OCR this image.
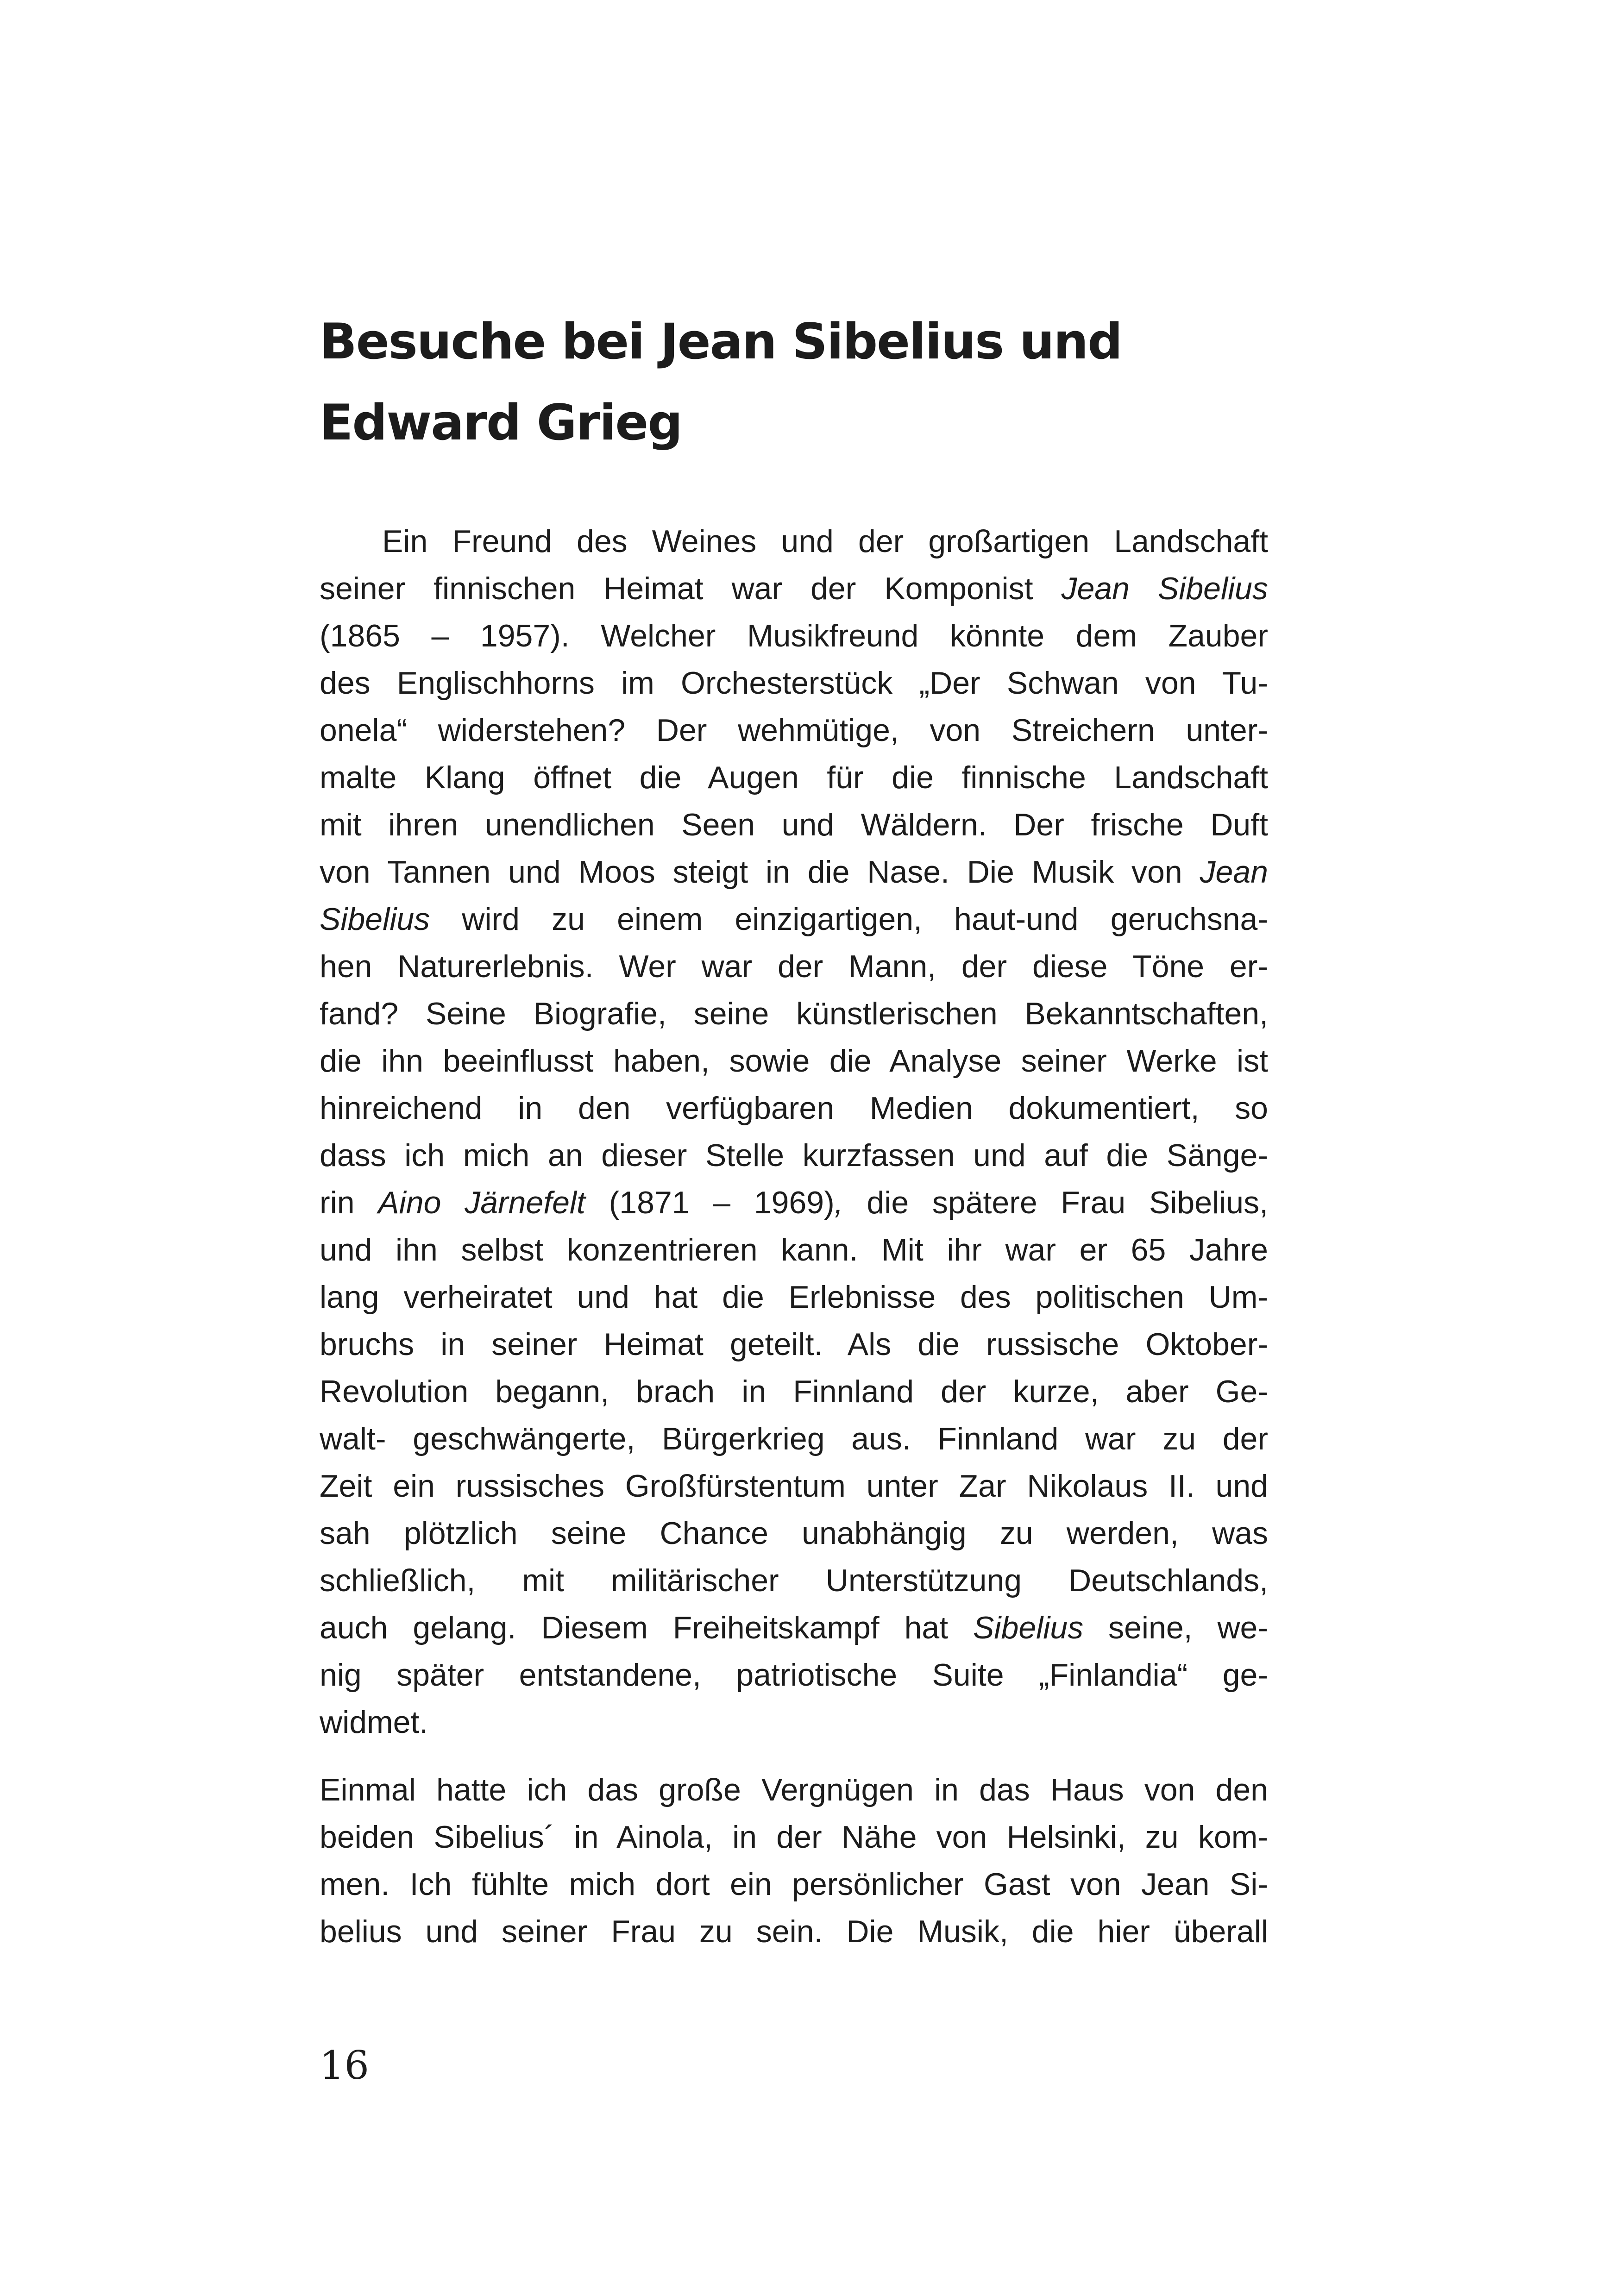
Besuche bei Jean Sibelius und
Edward Grieg

Ein Freund des Weines und der großartigen Landschaft
seiner finnischen Heimat war der Komponist Jean Sibelius
(1865 – 1957). Welcher Musikfreund könnte dem Zauber
des Englischhorns im Orchesterstück „Der Schwan von Tu-
onela“ widerstehen? Der wehmütige, von Streichern unter-
malte Klang öffnet die Augen für die finnische Landschaft
mit ihren unendlichen Seen und Wäldern. Der frische Duft
von Tannen und Moos steigt in die Nase. Die Musik von Jean
Sibelius wird zu einem einzigartigen, haut-und geruchsna-
hen Naturerlebnis. Wer war der Mann, der diese Töne er-
fand? Seine Biografie, seine künstlerischen Bekanntschaften,
die ihn beeinflusst haben, sowie die Analyse seiner Werke ist
hinreichend in den verfügbaren Medien dokumentiert, so
dass ich mich an dieser Stelle kurzfassen und auf die Sänge-
rin Aino Järnefelt (1871 – 1969), die spätere Frau Sibelius,
und ihn selbst konzentrieren kann. Mit ihr war er 65 Jahre
lang verheiratet und hat die Erlebnisse des politischen Um-
bruchs in seiner Heimat geteilt. Als die russische Oktober-
Revolution begann, brach in Finnland der kurze, aber Ge-
walt- geschwängerte, Bürgerkrieg aus. Finnland war zu der
Zeit ein russisches Großfürstentum unter Zar Nikolaus II. und
sah plötzlich seine Chance unabhängig zu werden, was
schließlich, mit militärischer Unterstützung Deutschlands,
auch gelang. Diesem Freiheitskampf hat Sibelius seine, we-
nig später entstandene, patriotische Suite „Finlandia“ ge-
widmet.

Einmal hatte ich das große Vergnügen in das Haus von den
beiden Sibelius´ in Ainola, in der Nähe von Helsinki, zu kom-
men. Ich fühlte mich dort ein persönlicher Gast von Jean Si-
belius und seiner Frau zu sein. Die Musik, die hier überall

16
